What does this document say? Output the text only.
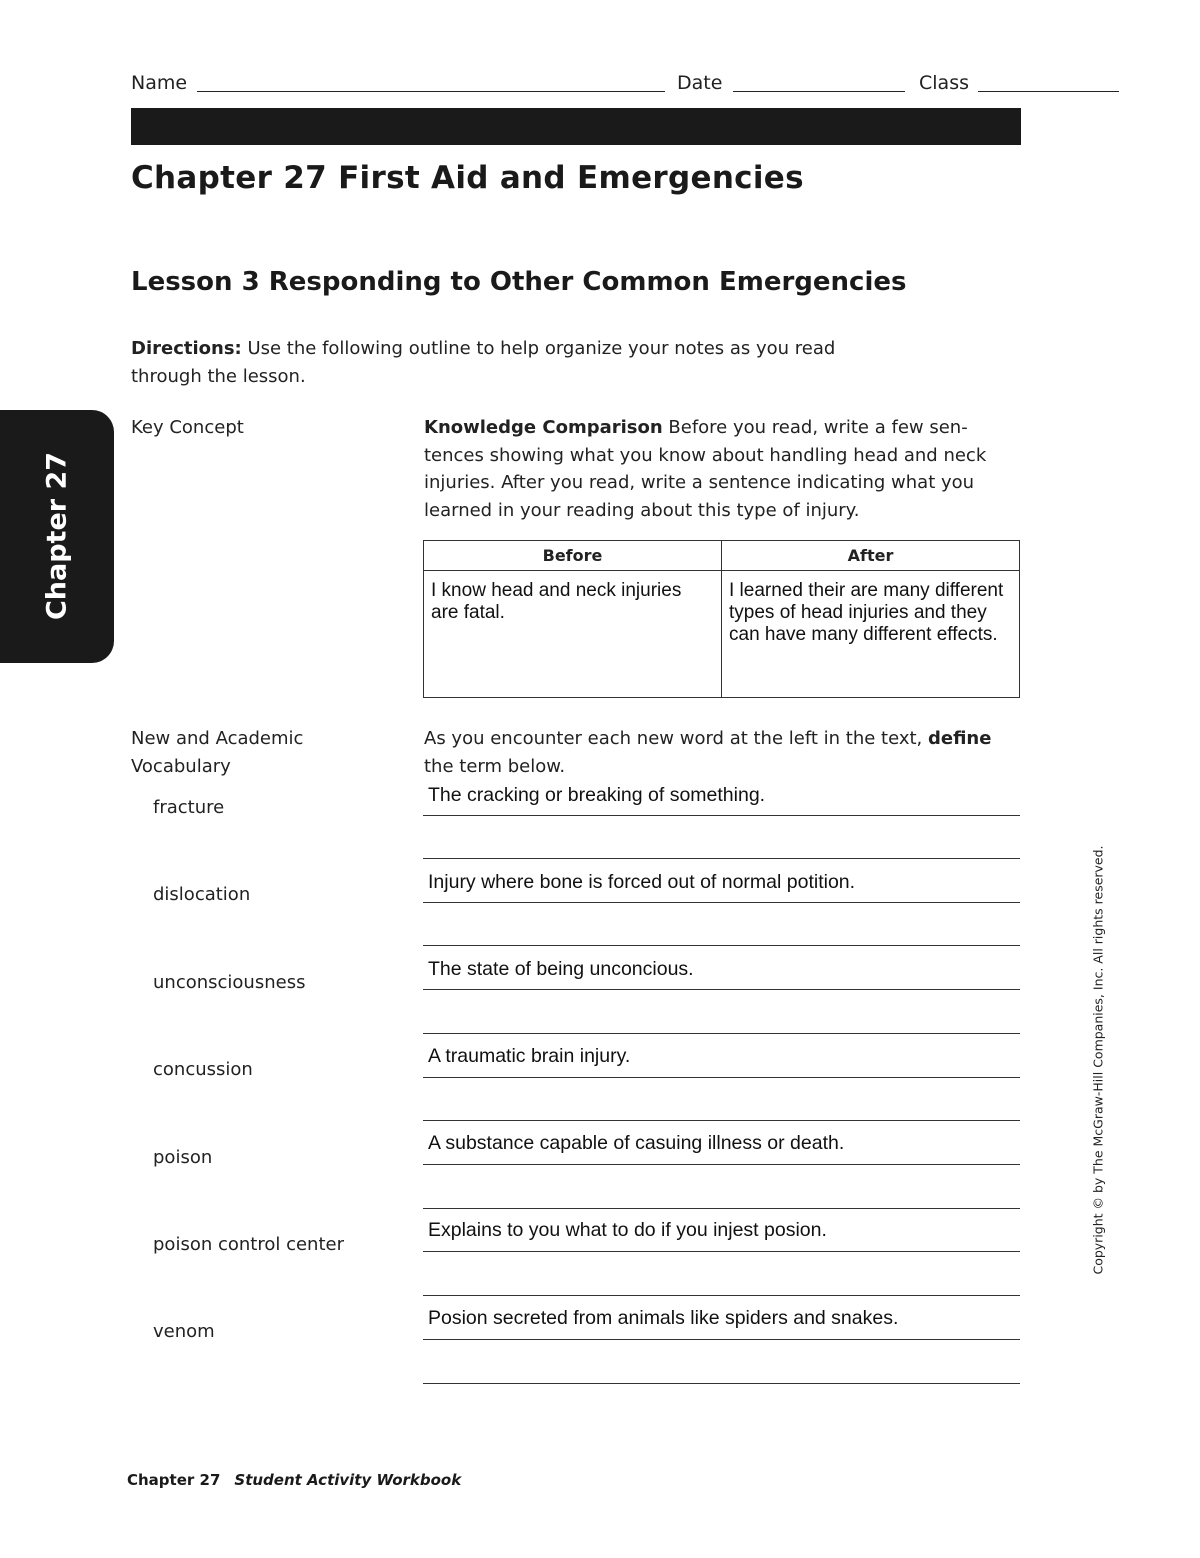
Name	Date	Class
Chapter 27 First Aid and Emergencies
Lesson 3 Responding to Other Common Emergencies
Directions: Use the following outline to help organize your notes as you read through the lesson.
Chapter 27
Key Concept	Knowledge Comparison Before you read, write a few sen-tences showing what you know about handling head and neck injuries. After you read, write a sentence indicating what you learned in your reading about this type of injury.
Before	After
I know head and neck injuries are fatal.	I learned their are many different types of head injuries and they can have many different effects.
New and Academic Vocabulary
As you encounter each new word at the left in the text, define the term below.
fracture
The cracking or breaking of something.
dislocation
Injury where bone is forced out of normal potition.
unconsciousness
The state of being unconcious.
concussion
A traumatic brain injury.
poison
A substance capable of casuing illness or death.
poison control center
Explains to you what to do if you injest posion.
venom
Posion secreted from animals like spiders and snakes.
Copyright © by The McGraw-Hill Companies, Inc. All rights reserved.
Chapter 27 Student Activity Workbook
